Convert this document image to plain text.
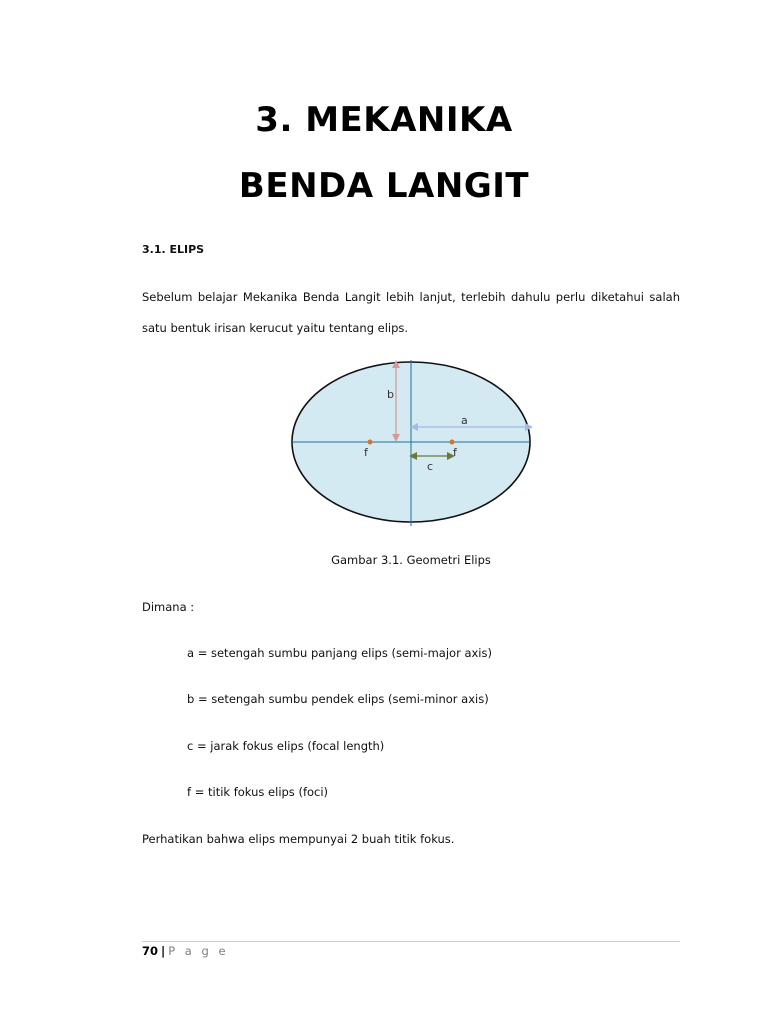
3. MEKANIKA
BENDA LANGIT
3.1. ELIPS
Sebelum belajar Mekanika Benda Langit lebih lanjut, terlebih dahulu perlu diketahui salah satu bentuk irisan kerucut yaitu tentang elips.
b
a
f	f
c
Gambar 3.1. Geometri Elips
Dimana :
a = setengah sumbu panjang elips (semi-major axis)
b = setengah sumbu pendek elips (semi-minor axis)
c = jarak fokus elips (focal length)
f = titik fokus elips (foci)
Perhatikan bahwa elips mempunyai 2 buah titik fokus.
70 | P a g e
